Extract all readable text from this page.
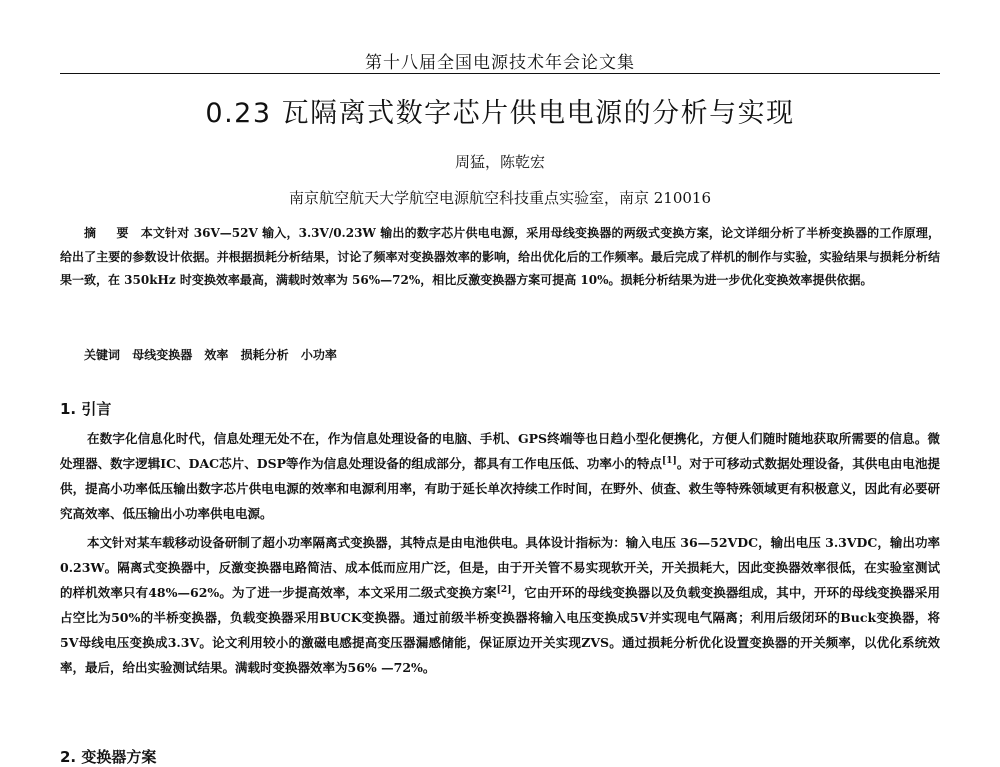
第十八届全国电源技术年会论文集
0.23 瓦隔离式数字芯片供电电源的分析与实现
周猛，陈乾宏
南京航空航天大学航空电源航空科技重点实验室，南京 210016

摘 要 本文针对 36V—52V 输入，3.3V/0.23W 输出的数字芯片供电电源，采用母线变换器的两级式变换方案，论文详细分析了半桥变换器的工作原理，给出了主要的参数设计依据。并根据损耗分析结果，讨论了频率对变换器效率的影响，给出优化后的工作频率。最后完成了样机的制作与实验，实验结果与损耗分析结果一致，在 350kHz 时变换效率最高，满载时效率为 56%—72%，相比反激变换器方案可提高 10%。损耗分析结果为进一步优化变换效率提供依据。

关键词 母线变换器 效率 损耗分析 小功率
1. 引言

在数字化信息化时代，信息处理无处不在，作为信息处理设备的电脑、手机、GPS终端等也日趋小型化便携化，方便人们随时随地获取所需要的信息。微处理器、数字逻辑IC、DAC芯片、DSP等作为信息处理设备的组成部分，都具有工作电压低、功率小的特点[1]。对于可移动式数据处理设备，其供电由电池提供，提高小功率低压输出数字芯片供电电源的效率和电源利用率，有助于延长单次持续工作时间，在野外、侦查、救生等特殊领域更有积极意义，因此有必要研究高效率、低压输出小功率供电电源。

本文针对某车载移动设备研制了超小功率隔离式变换器，其特点是由电池供电。具体设计指标为：输入电压 36—52VDC，输出电压 3.3VDC，输出功率0.23W。隔离式变换器中，反激变换器电路简洁、成本低而应用广泛，但是，由于开关管不易实现软开关，开关损耗大，因此变换器效率很低，在实验室测试的样机效率只有48%—62%。为了进一步提高效率，本文采用二级式变换方案[2]，它由开环的母线变换器以及负载变换器组成，其中，开环的母线变换器采用占空比为50%的半桥变换器，负载变换器采用BUCK变换器。通过前级半桥变换器将输入电压变换成5V并实现电气隔离；利用后级闭环的Buck变换器，将5V母线电压变换成3.3V。论文利用较小的激磁电感提高变压器漏感储能，保证原边开关实现ZVS。通过损耗分析优化设置变换器的开关频率，以优化系统效率，最后，给出实验测试结果。满载时变换器效率为56% —72%。

2. 变换器方案
